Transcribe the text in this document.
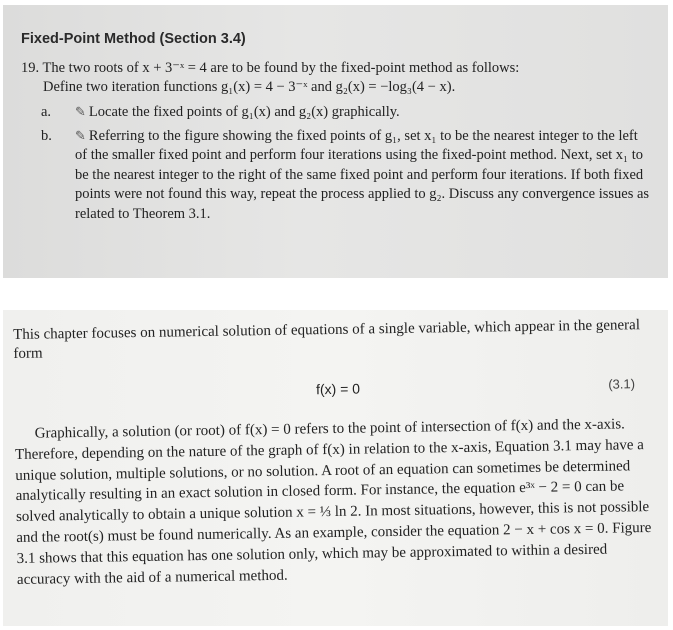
Fixed-Point Method (Section 3.4)

19. The two roots of x + 3⁻ˣ = 4 are to be found by the fixed-point method as follows:

Define two iteration functions g₁(x) = 4 − 3⁻ˣ and g₂(x) = −log₃(4 − x).

a.	✎ Locate the fixed points of g₁(x) and g₂(x) graphically.
b.	✎ Referring to the figure showing the fixed points of g₁, set x₁ to be the nearest integer to the left of the smaller fixed point and perform four iterations using the fixed-point method. Next, set x₁ to be the nearest integer to the right of the same fixed point and perform four iterations. If both fixed points were not found this way, repeat the process applied to g₂. Discuss any convergence issues as related to Theorem 3.1.

This chapter focuses on numerical solution of equations of a single variable, which appear in the general form

f(x) = 0	(3.1)

Graphically, a solution (or root) of f(x) = 0 refers to the point of intersection of f(x) and the x-axis. Therefore, depending on the nature of the graph of f(x) in relation to the x-axis, Equation 3.1 may have a unique solution, multiple solutions, or no solution. A root of an equation can sometimes be determined analytically resulting in an exact solution in closed form. For instance, the equation e³ˣ − 2 = 0 can be solved analytically to obtain a unique solution x = ⅓ ln 2. In most situations, however, this is not possible and the root(s) must be found numerically. As an example, consider the equation 2 − x + cos x = 0. Figure 3.1 shows that this equation has one solution only, which may be approximated to within a desired accuracy with the aid of a numerical method.
